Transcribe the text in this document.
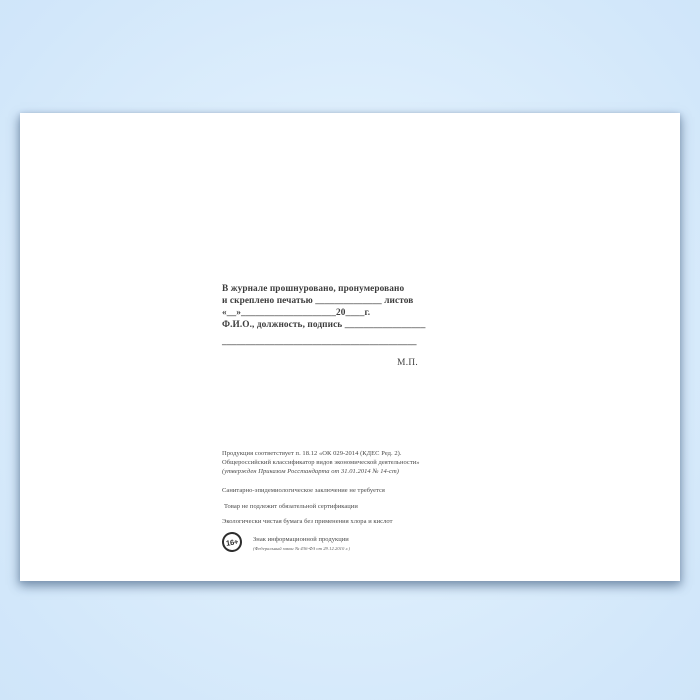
В журнале прошнуровано, пронумеровано
и скреплено печатью ______________ листов
«__»____________________20____г.
Ф.И.О., должность, подпись _________________
_________________________________________
М.П.
Продукция соответствует п. 18.12 «ОК 029-2014 (КДЕС Ред. 2).
Общероссийский классификатор видов экономической деятельности»
(утвержден Приказом Росстандарта от 31.01.2014 № 14-ст)
Санитарно-эпидемиологическое заключение не требуется
Товар не подлежит обязательной сертификации
Экологически чистая бумага без применения хлора и кислот
16+	Знак информационной продукции
(Федеральный закон № 436-ФЗ от 29.12.2010 г.)
